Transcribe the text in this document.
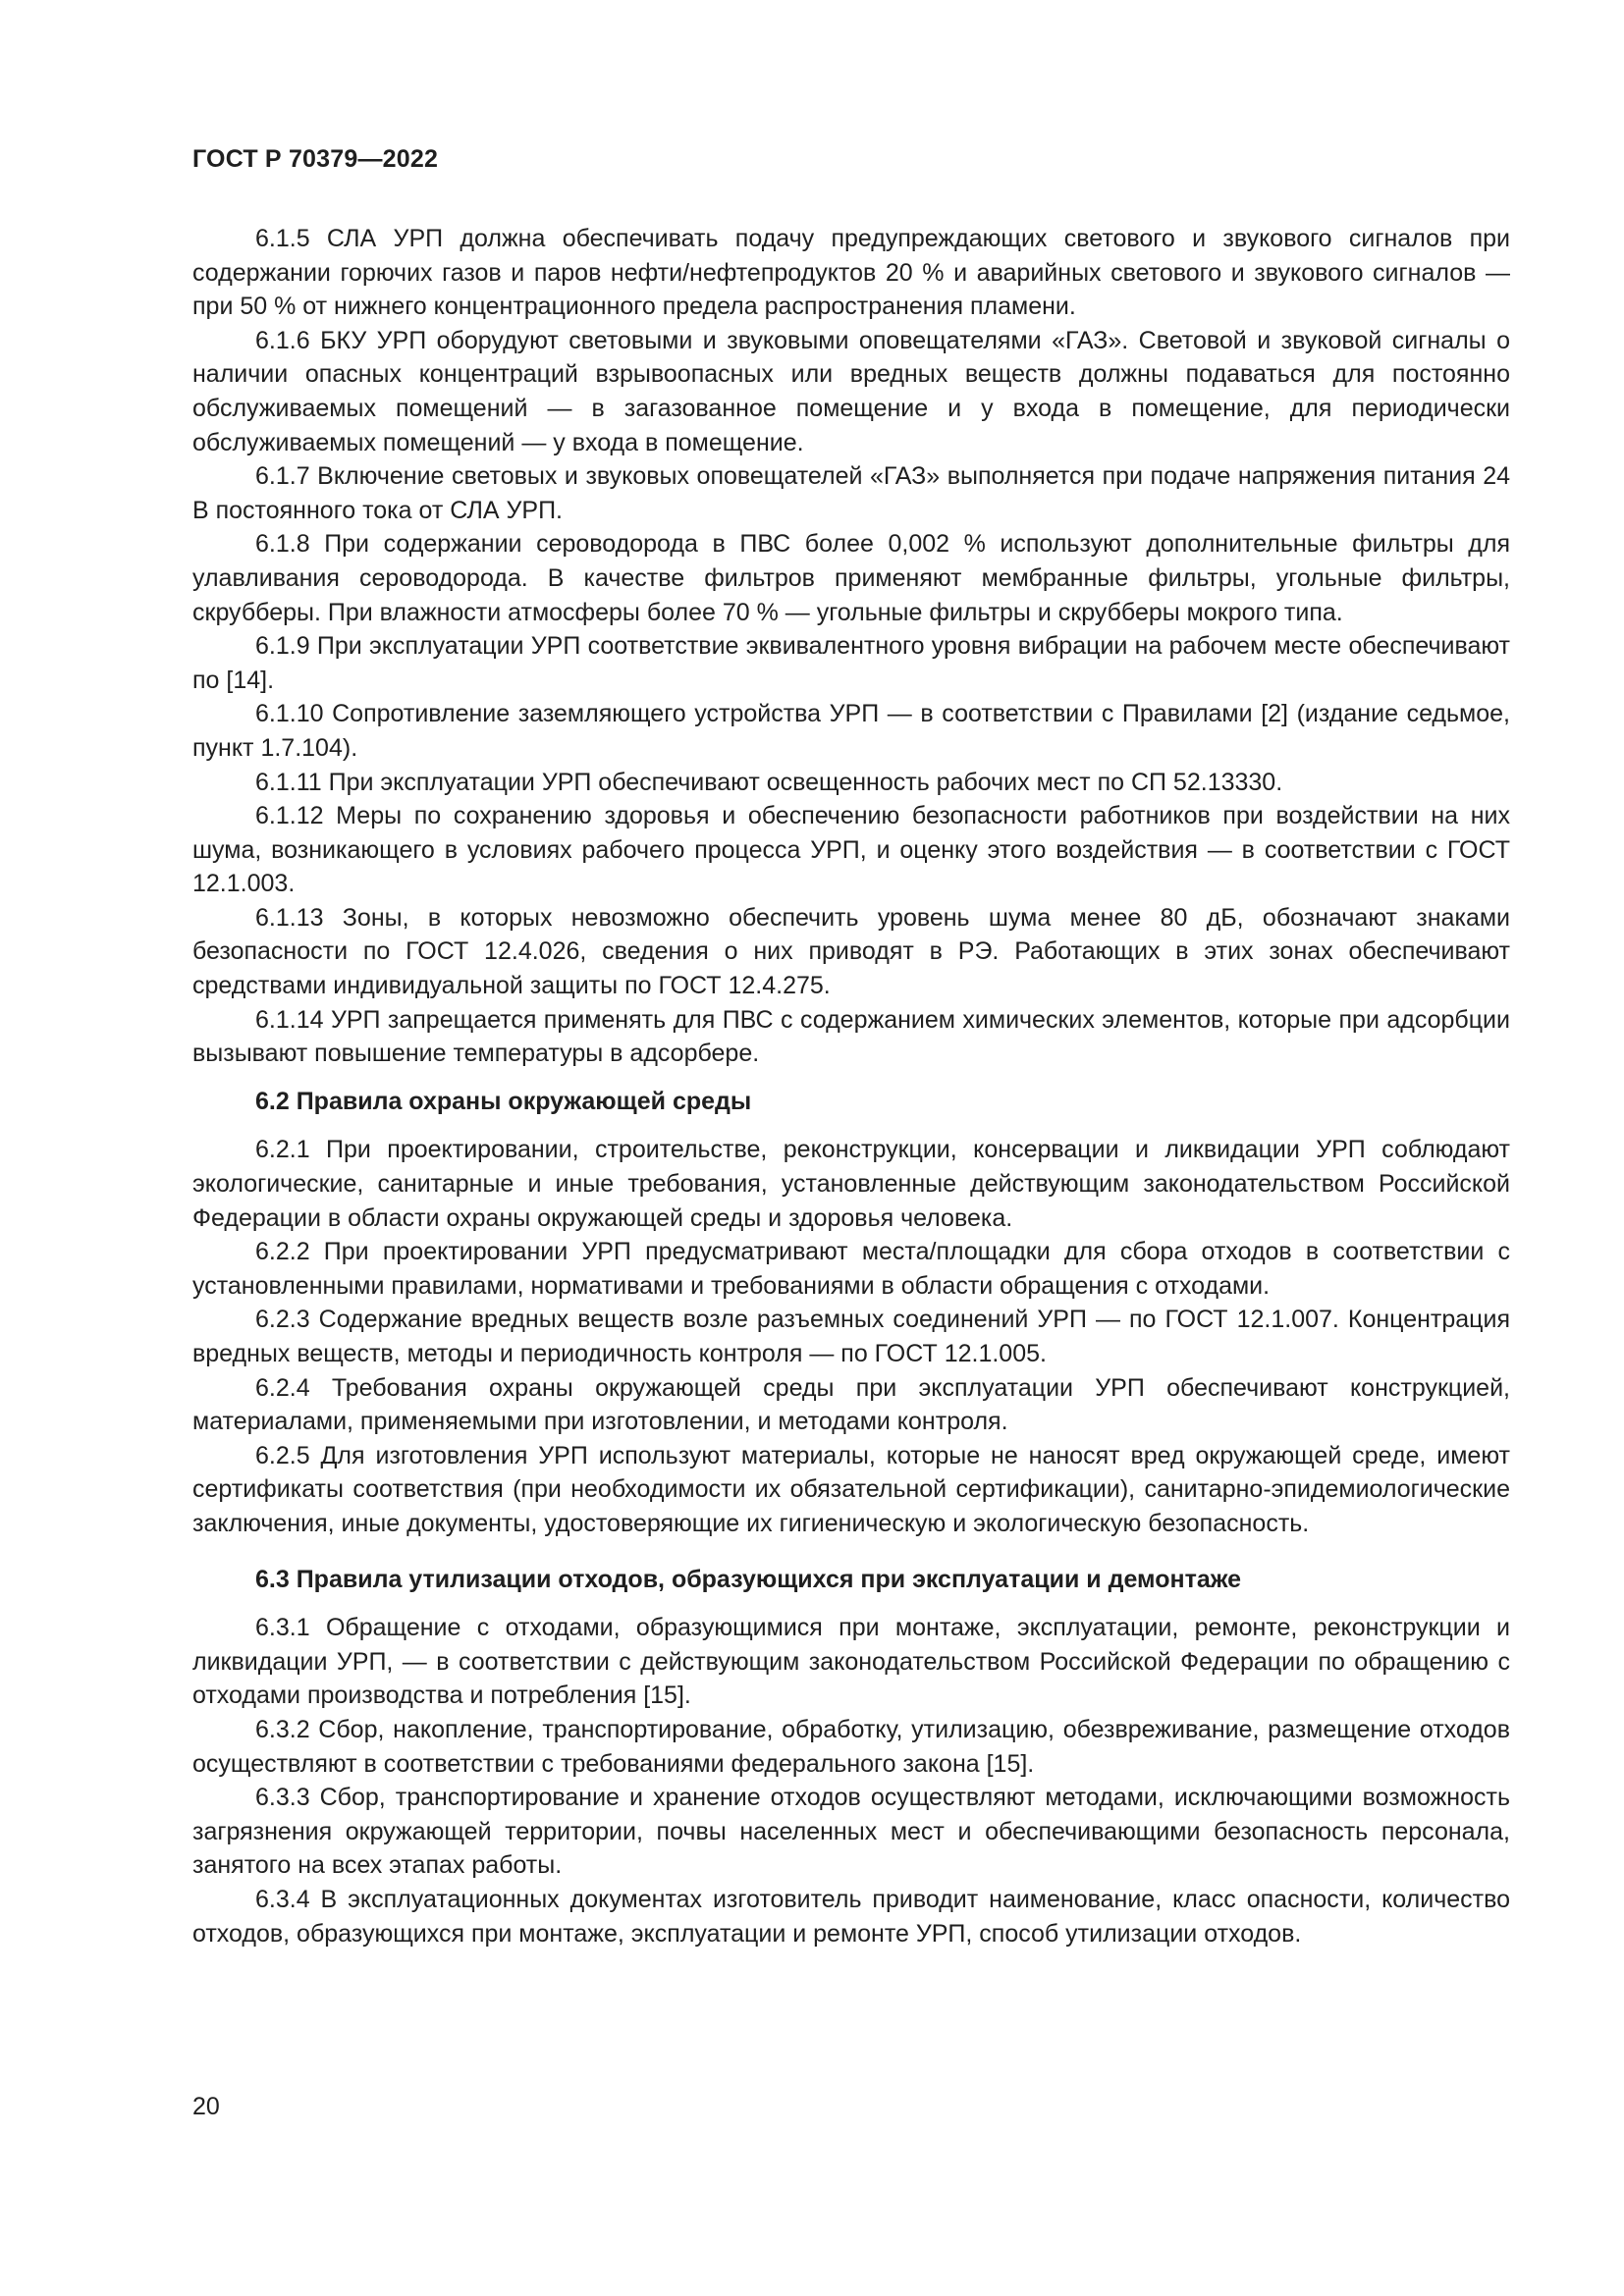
ГОСТ Р 70379—2022

6.1.5 СЛА УРП должна обеспечивать подачу предупреждающих светового и звукового сигналов при содержании горючих газов и паров нефти/нефтепродуктов 20 % и аварийных светового и звукового сигналов — при 50 % от нижнего концентрационного предела распространения пламени.

6.1.6 БКУ УРП оборудуют световыми и звуковыми оповещателями «ГАЗ». Световой и звуковой сигналы о наличии опасных концентраций взрывоопасных или вредных веществ должны подаваться для постоянно обслуживаемых помещений — в загазованное помещение и у входа в помещение, для периодически обслуживаемых помещений — у входа в помещение.

6.1.7 Включение световых и звуковых оповещателей «ГАЗ» выполняется при подаче напряжения питания 24 В постоянного тока от СЛА УРП.

6.1.8 При содержании сероводорода в ПВС более 0,002 % используют дополнительные фильтры для улавливания сероводорода. В качестве фильтров применяют мембранные фильтры, угольные фильтры, скрубберы. При влажности атмосферы более 70 % — угольные фильтры и скрубберы мокрого типа.

6.1.9 При эксплуатации УРП соответствие эквивалентного уровня вибрации на рабочем месте обеспечивают по [14].

6.1.10 Сопротивление заземляющего устройства УРП — в соответствии с Правилами [2] (издание седьмое, пункт 1.7.104).

6.1.11 При эксплуатации УРП обеспечивают освещенность рабочих мест по СП 52.13330.

6.1.12 Меры по сохранению здоровья и обеспечению безопасности работников при воздействии на них шума, возникающего в условиях рабочего процесса УРП, и оценку этого воздействия — в соответствии с ГОСТ 12.1.003.

6.1.13 Зоны, в которых невозможно обеспечить уровень шума менее 80 дБ, обозначают знаками безопасности по ГОСТ 12.4.026, сведения о них приводят в РЭ. Работающих в этих зонах обеспечивают средствами индивидуальной защиты по ГОСТ 12.4.275.

6.1.14 УРП запрещается применять для ПВС с содержанием химических элементов, которые при адсорбции вызывают повышение температуры в адсорбере.

6.2 Правила охраны окружающей среды

6.2.1 При проектировании, строительстве, реконструкции, консервации и ликвидации УРП соблюдают экологические, санитарные и иные требования, установленные действующим законодательством Российской Федерации в области охраны окружающей среды и здоровья человека.

6.2.2 При проектировании УРП предусматривают места/площадки для сбора отходов в соответствии с установленными правилами, нормативами и требованиями в области обращения с отходами.

6.2.3 Содержание вредных веществ возле разъемных соединений УРП — по ГОСТ 12.1.007. Концентрация вредных веществ, методы и периодичность контроля — по ГОСТ 12.1.005.

6.2.4 Требования охраны окружающей среды при эксплуатации УРП обеспечивают конструкцией, материалами, применяемыми при изготовлении, и методами контроля.

6.2.5 Для изготовления УРП используют материалы, которые не наносят вред окружающей среде, имеют сертификаты соответствия (при необходимости их обязательной сертификации), санитарно-эпидемиологические заключения, иные документы, удостоверяющие их гигиеническую и экологическую безопасность.

6.3 Правила утилизации отходов, образующихся при эксплуатации и демонтаже

6.3.1 Обращение с отходами, образующимися при монтаже, эксплуатации, ремонте, реконструкции и ликвидации УРП, — в соответствии с действующим законодательством Российской Федерации по обращению с отходами производства и потребления [15].

6.3.2 Сбор, накопление, транспортирование, обработку, утилизацию, обезвреживание, размещение отходов осуществляют в соответствии с требованиями федерального закона [15].

6.3.3 Сбор, транспортирование и хранение отходов осуществляют методами, исключающими возможность загрязнения окружающей территории, почвы населенных мест и обеспечивающими безопасность персонала, занятого на всех этапах работы.

6.3.4 В эксплуатационных документах изготовитель приводит наименование, класс опасности, количество отходов, образующихся при монтаже, эксплуатации и ремонте УРП, способ утилизации отходов.

20
